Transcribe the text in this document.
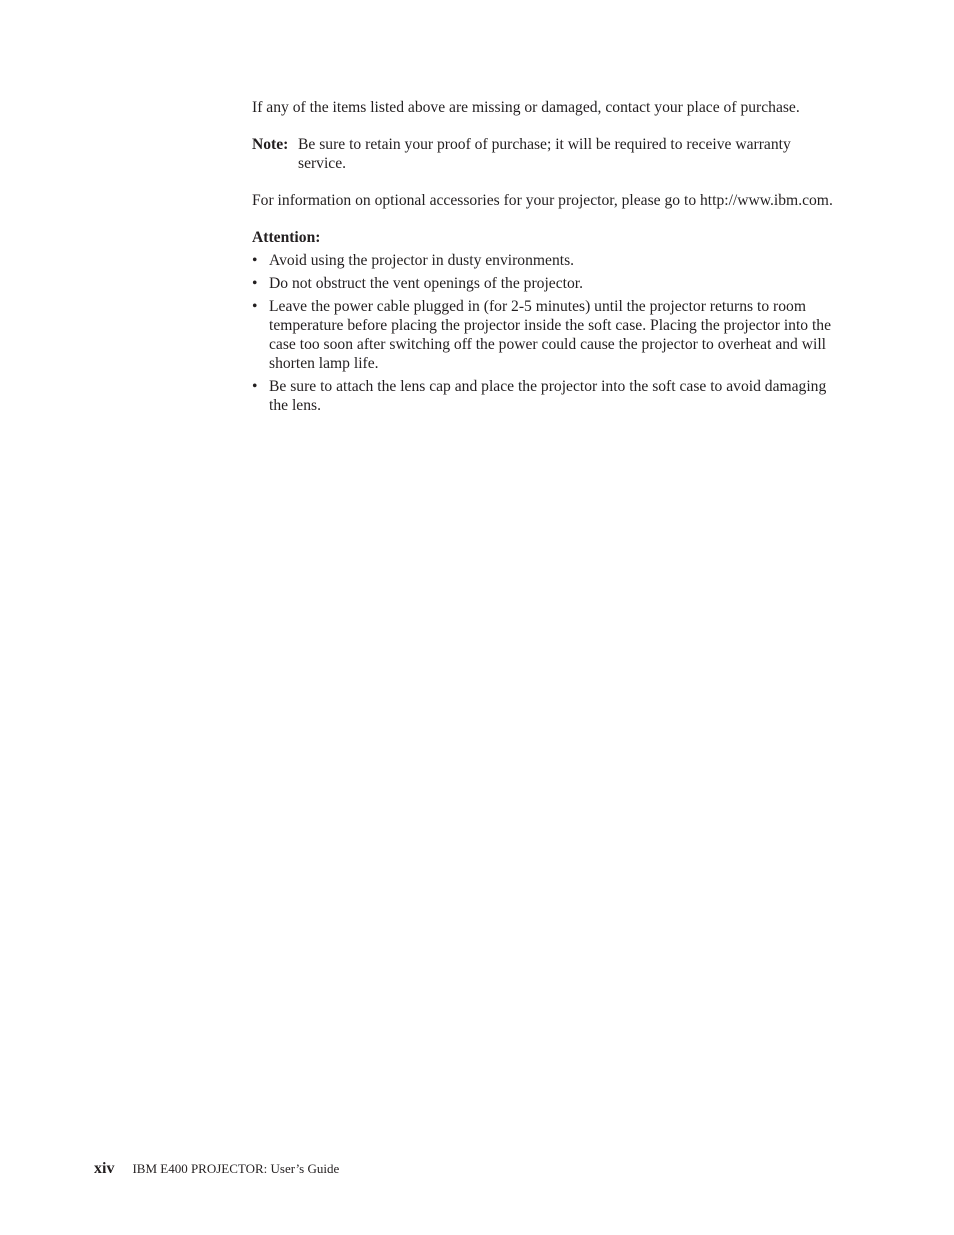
If any of the items listed above are missing or damaged, contact your place of purchase.

Note: Be sure to retain your proof of purchase; it will be required to receive warranty service.

For information on optional accessories for your projector, please go to http://www.ibm.com.

Attention:
• Avoid using the projector in dusty environments.
• Do not obstruct the vent openings of the projector.
• Leave the power cable plugged in (for 2-5 minutes) until the projector returns to room temperature before placing the projector inside the soft case. Placing the projector into the case too soon after switching off the power could cause the projector to overheat and will shorten lamp life.
• Be sure to attach the lens cap and place the projector into the soft case to avoid damaging the lens.
xiv IBM E400 PROJECTOR: User’s Guide
